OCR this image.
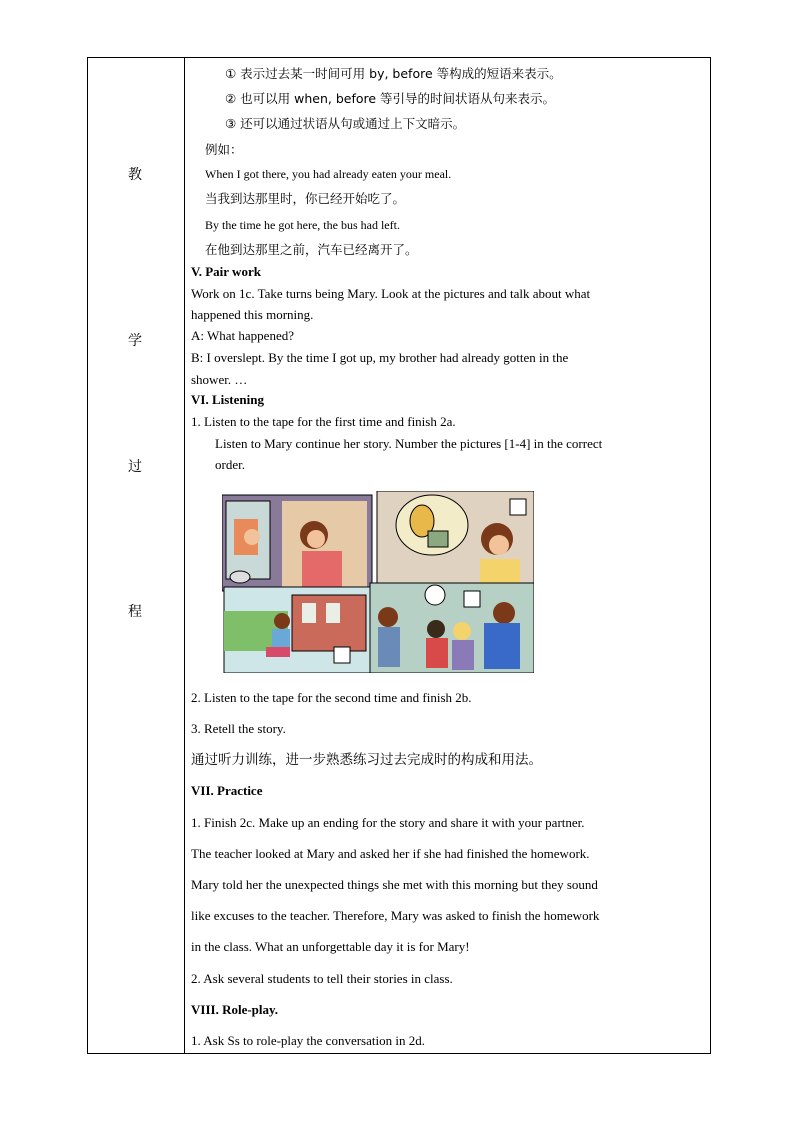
教
学
过
程
① 表示过去某一时间可用 by, before 等构成的短语来表示。
② 也可以用 when, before 等引导的时间状语从句来表示。
③ 还可以通过状语从句或通过上下文暗示。
例如：
When I got there, you had already eaten your meal.
当我到达那里时，你已经开始吃了。
By the time he got here, the bus had left.
在他到达那里之前，汽车已经离开了。
V. Pair work
Work on 1c. Take turns being Mary. Look at the pictures and talk about what
happened this morning.
A: What happened?
B: I overslept. By the time I got up, my brother had already gotten in the
shower. …
VI. Listening
1. Listen to the tape for the first time and finish 2a.
Listen to Mary continue her story. Number the pictures [1-4] in the correct
order.
2. Listen to the tape for the second time and finish 2b.
3. Retell the story.
通过听力训练，进一步熟悉练习过去完成时的构成和用法。
VII. Practice
1. Finish 2c. Make up an ending for the story and share it with your partner.
The teacher looked at Mary and asked her if she had finished the homework.
Mary told her the unexpected things she met with this morning but they sound
like excuses to the teacher. Therefore, Mary was asked to finish the homework
in the class. What an unforgettable day it is for Mary!
2. Ask several students to tell their stories in class.
VIII. Role-play.
1. Ask Ss to role-play the conversation in 2d.
